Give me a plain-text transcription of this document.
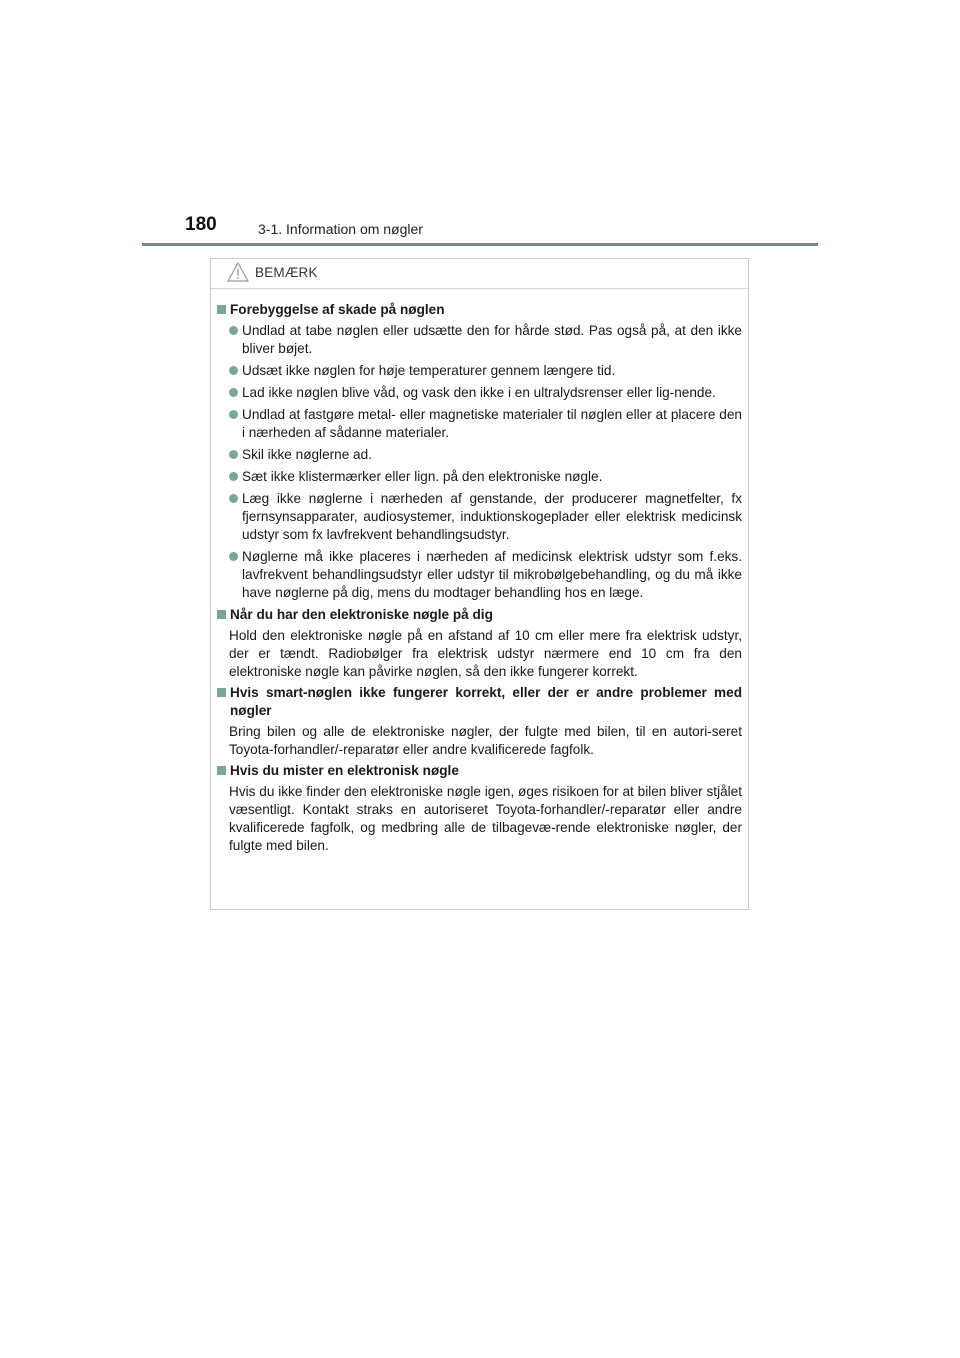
180	3-1. Information om nøgler
BEMÆRK
Forebyggelse af skade på nøglen
Undlad at tabe nøglen eller udsætte den for hårde stød. Pas også på, at den ikke bliver bøjet.
Udsæt ikke nøglen for høje temperaturer gennem længere tid.
Lad ikke nøglen blive våd, og vask den ikke i en ultralydsrenser eller lig-nende.
Undlad at fastgøre metal- eller magnetiske materialer til nøglen eller at placere den i nærheden af sådanne materialer.
Skil ikke nøglerne ad.
Sæt ikke klistermærker eller lign. på den elektroniske nøgle.
Læg ikke nøglerne i nærheden af genstande, der producerer magnetfelter, fx fjernsynsapparater, audiosystemer, induktionskogeplader eller elektrisk medicinsk udstyr som fx lavfrekvent behandlingsudstyr.
Nøglerne må ikke placeres i nærheden af medicinsk elektrisk udstyr som f.eks. lavfrekvent behandlingsudstyr eller udstyr til mikrobølgebehandling, og du må ikke have nøglerne på dig, mens du modtager behandling hos en læge.
Når du har den elektroniske nøgle på dig
Hold den elektroniske nøgle på en afstand af 10 cm eller mere fra elektrisk udstyr, der er tændt. Radiobølger fra elektrisk udstyr nærmere end 10 cm fra den elektroniske nøgle kan påvirke nøglen, så den ikke fungerer korrekt.
Hvis smart-nøglen ikke fungerer korrekt, eller der er andre problemer med nøgler
Bring bilen og alle de elektroniske nøgler, der fulgte med bilen, til en autori-seret Toyota-forhandler/-reparatør eller andre kvalificerede fagfolk.
Hvis du mister en elektronisk nøgle
Hvis du ikke finder den elektroniske nøgle igen, øges risikoen for at bilen bliver stjålet væsentligt. Kontakt straks en autoriseret Toyota-forhandler/-reparatør eller andre kvalificerede fagfolk, og medbring alle de tilbagevæ-rende elektroniske nøgler, der fulgte med bilen.
